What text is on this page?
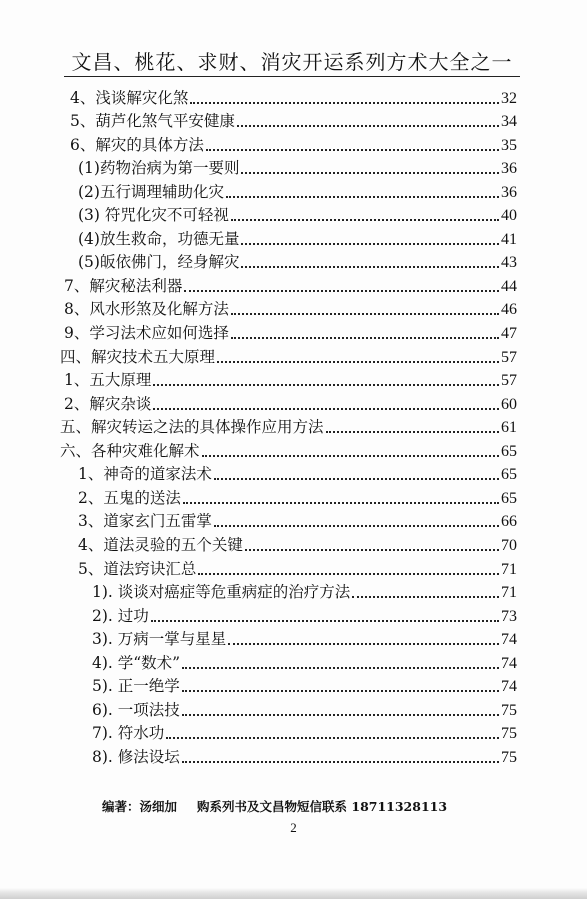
文昌、桃花、求财、消灾开运系列方术大全之一
4、浅谈解灾化煞	32
5、葫芦化煞气平安健康	34
6、解灾的具体方法	35
(1)药物治病为第一要则	36
(2)五行调理辅助化灾	36
(3) 符咒化灾不可轻视	40
(4)放生救命，功德无量	41
(5)皈依佛门，经身解灾	43
7、解灾秘法利器	44
8、风水形煞及化解方法	46
9、学习法术应如何选择	47
四、解灾技术五大原理	57
1、五大原理	57
2、解灾杂谈	60
五、解灾转运之法的具体操作应用方法	61
六、各种灾难化解术	65
1、神奇的道家法术	65
2、五鬼的送法	65
3、道家玄门五雷掌	66
4、道法灵验的五个关键	70
5、道法窍诀汇总	71
1). 谈谈对癌症等危重病症的治疗方法	71
2). 过功	73
3). 万病一掌与星星	74
4). 学“数术”	74
5). 正一绝学	74
6). 一项法技	75
7). 符水功	75
8). 修法设坛	75
编著：汤细加 购系列书及文昌物短信联系 18711328113
2
